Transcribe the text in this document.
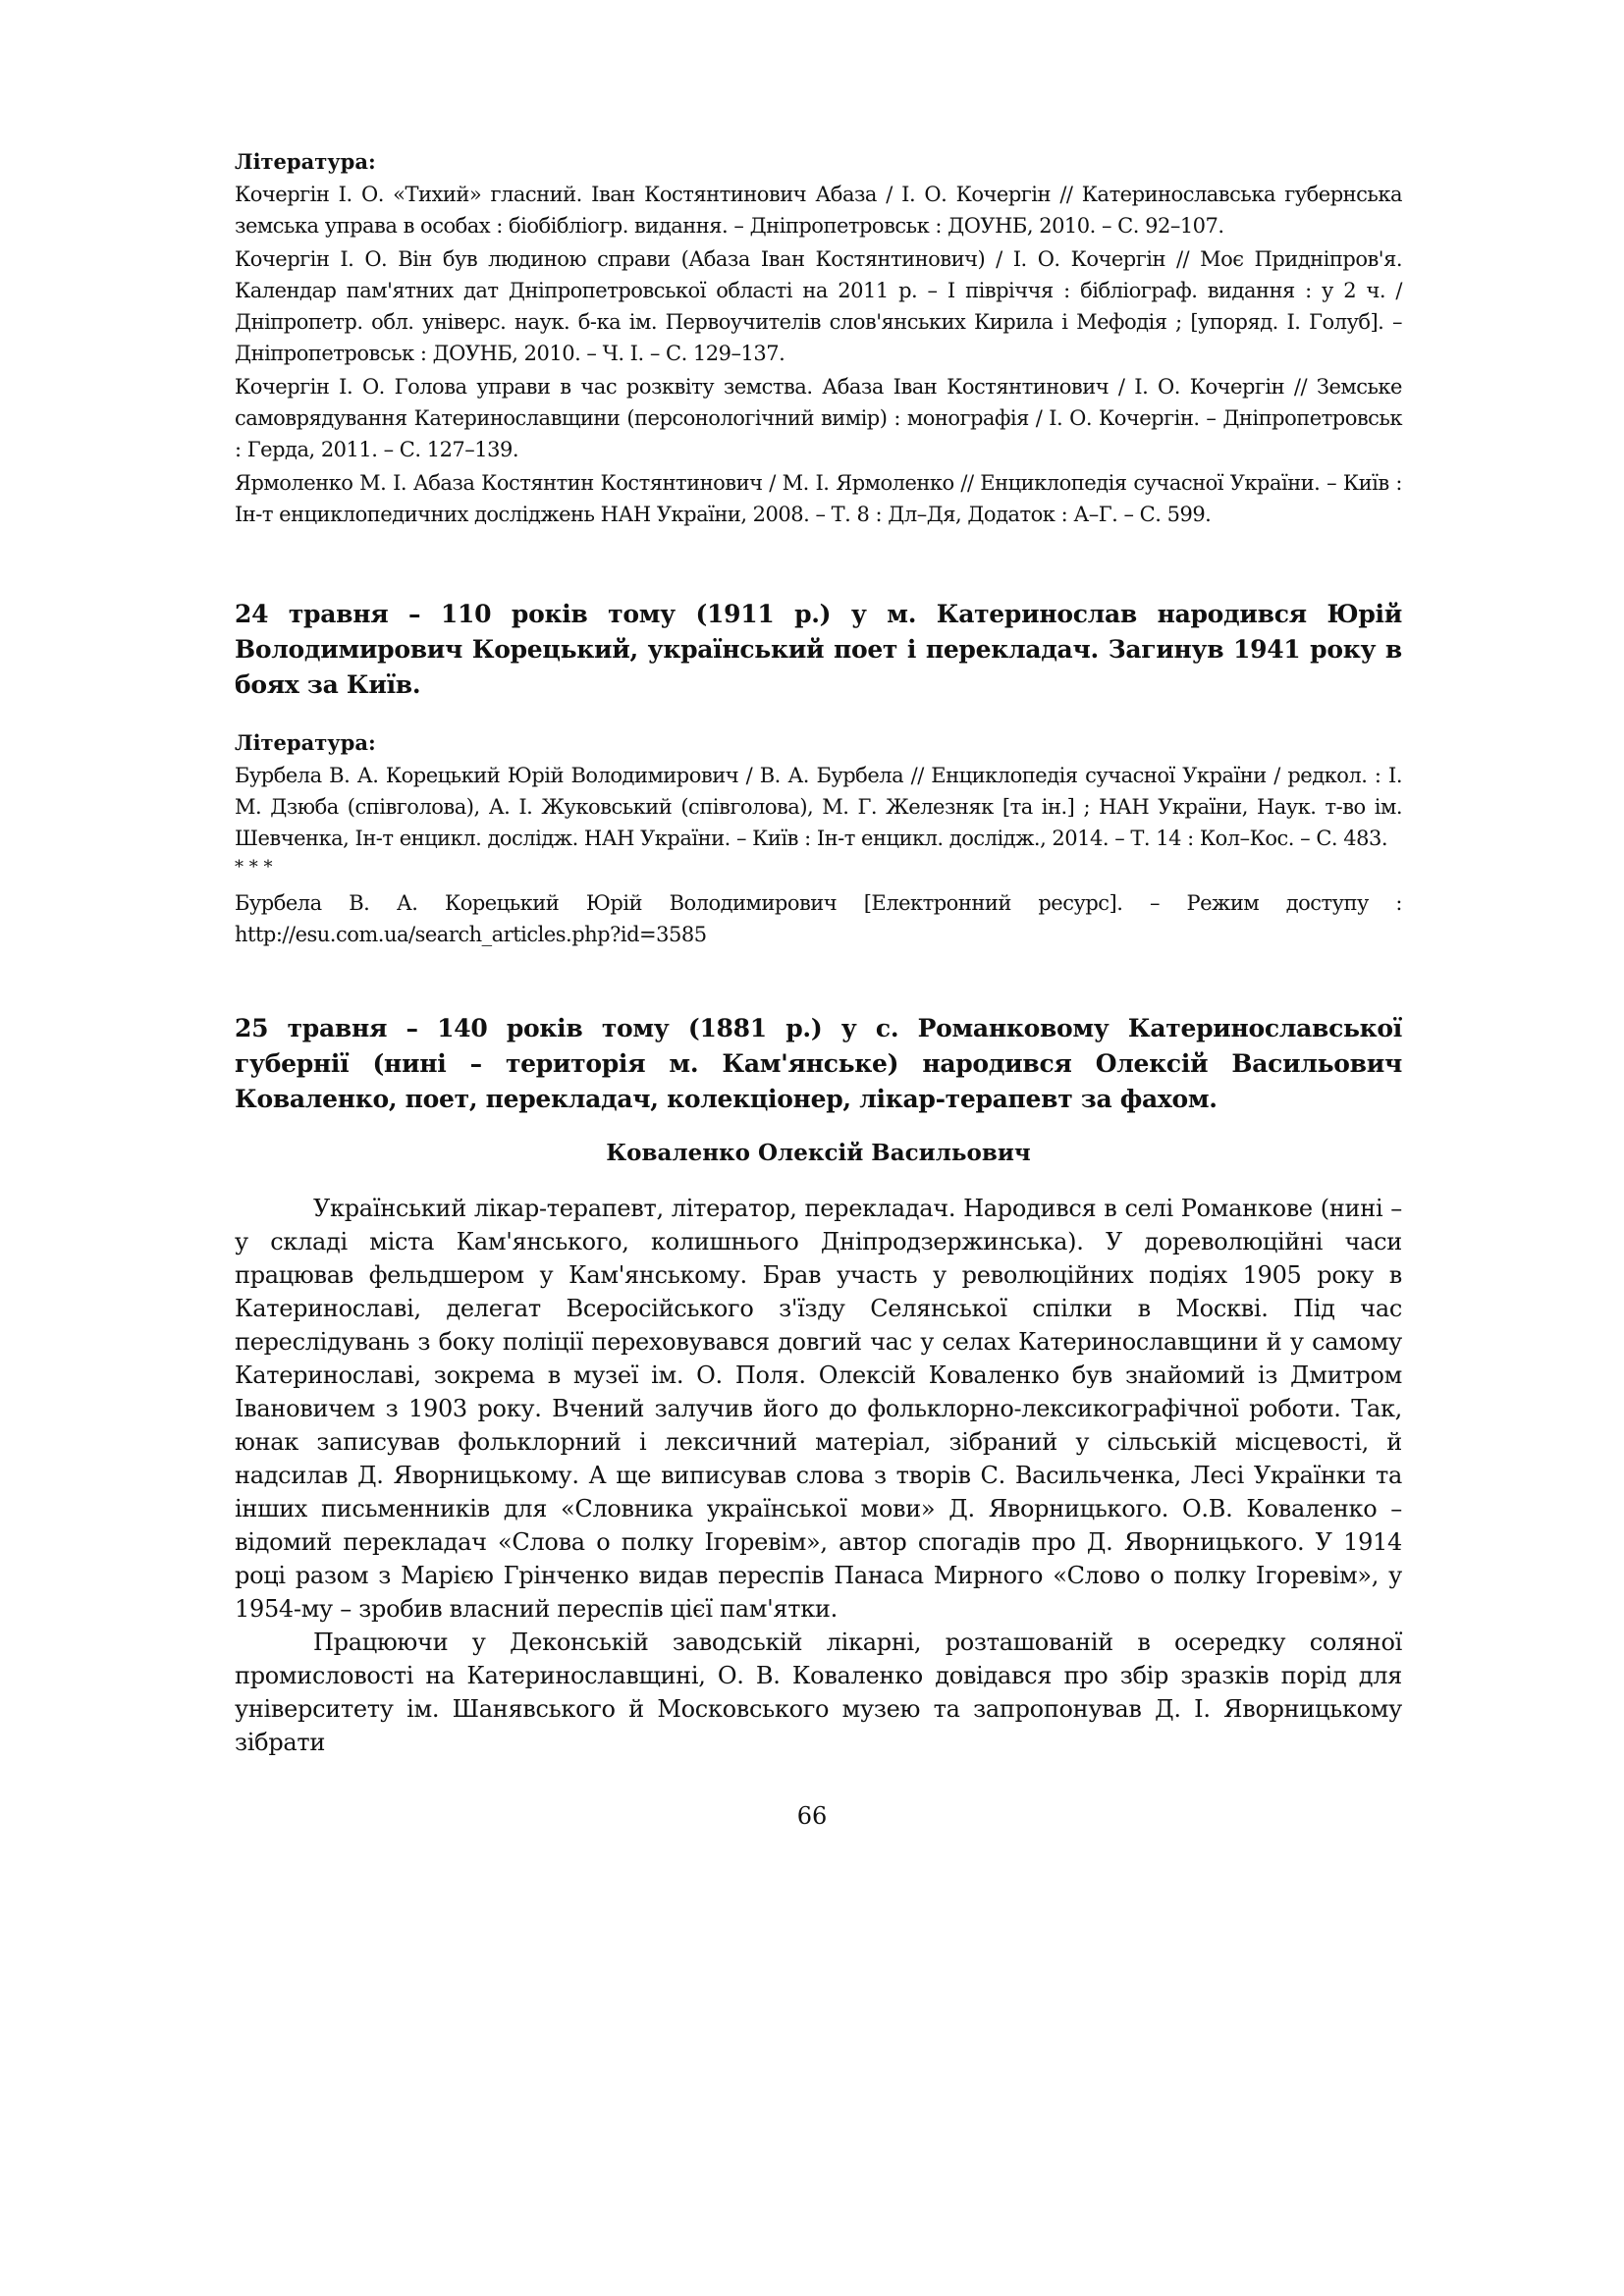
Література:

Кочергін І. О. «Тихий» гласний. Іван Костянтинович Абаза / І. О. Кочергін // Катеринославська губернська земська управа в особах : біобібліогр. видання. – Дніпропетровськ : ДОУНБ, 2010. – С. 92–107.

Кочергін І. О. Він був людиною справи (Абаза Іван Костянтинович) / І. О. Кочергін // Моє Придніпров'я. Календар пам'ятних дат Дніпропетровської області на 2011 р. – І півріччя : бібліограф. видання : у 2 ч. / Дніпропетр. обл. універс. наук. б-ка ім. Первоучителів слов'янських Кирила і Мефодія ; [упоряд. І. Голуб]. – Дніпропетровськ : ДОУНБ, 2010. – Ч. І. – С. 129–137.

Кочергін І. О. Голова управи в час розквіту земства. Абаза Іван Костянтинович / І. О. Кочергін // Земське самоврядування Катеринославщини (персонологічний вимір) : монографія / І. О. Кочергін. – Дніпропетровськ : Герда, 2011. – С. 127–139.

Ярмоленко М. І. Абаза Костянтин Костянтинович / М. І. Ярмоленко // Енциклопедія сучасної України. – Київ : Ін-т енциклопедичних досліджень НАН України, 2008. – Т. 8 : Дл–Дя, Додаток : А–Г. – С. 599.

24 травня – 110 років тому (1911 р.) у м. Катеринослав народився Юрій Володимирович Корецький, український поет і перекладач. Загинув 1941 року в боях за Київ.

Література:

Бурбела В. А. Корецький Юрій Володимирович / В. А. Бурбела // Енциклопедія сучасної України / редкол. : І. М. Дзюба (співголова), А. І. Жуковський (співголова), М. Г. Железняк [та ін.] ; НАН України, Наук. т-во ім. Шевченка, Ін-т енцикл. дослідж. НАН України. – Київ : Ін-т енцикл. дослідж., 2014. – Т. 14 : Кол–Кос. – С. 483.

* * *

Бурбела В. А. Корецький Юрій Володимирович [Електронний ресурс]. – Режим доступу : http://esu.com.ua/search_articles.php?id=3585

25 травня – 140 років тому (1881 р.) у с. Романковому Катеринославської губернії (нині – територія м. Кам'янське) народився Олексій Васильович Коваленко, поет, перекладач, колекціонер, лікар-терапевт за фахом.

Коваленко Олексій Васильович

Український лікар-терапевт, літератор, перекладач. Народився в селі Романкове (нині – у складі міста Кам'янського, колишнього Дніпродзержинська). У дореволюційні часи працював фельдшером у Кам'янському. Брав участь у революційних подіях 1905 року в Катеринославі, делегат Всеросійського з'їзду Селянської спілки в Москві. Під час переслідувань з боку поліції переховувався довгий час у селах Катеринославщини й у самому Катеринославі, зокрема в музеї ім. О. Поля. Олексій Коваленко був знайомий із Дмитром Івановичем з 1903 року. Вчений залучив його до фольклорно-лексикографічної роботи. Так, юнак записував фольклорний і лексичний матеріал, зібраний у сільській місцевості, й надсилав Д. Яворницькому. А ще виписував слова з творів С. Васильченка, Лесі Українки та інших письменників для «Словника української мови» Д. Яворницького. О.В. Коваленко – відомий перекладач «Слова о полку Ігоревім», автор спогадів про Д. Яворницького. У 1914 році разом з Марією Грінченко видав переспів Панаса Мирного «Слово о полку Ігоревім», у 1954-му – зробив власний переспів цієї пам'ятки.

Працюючи у Деконській заводській лікарні, розташованій в осередку соляної промисловості на Катеринославщині, О. В. Коваленко довідався про збір зразків порід для університету ім. Шанявського й Московського музею та запропонував Д. І. Яворницькому зібрати

66
